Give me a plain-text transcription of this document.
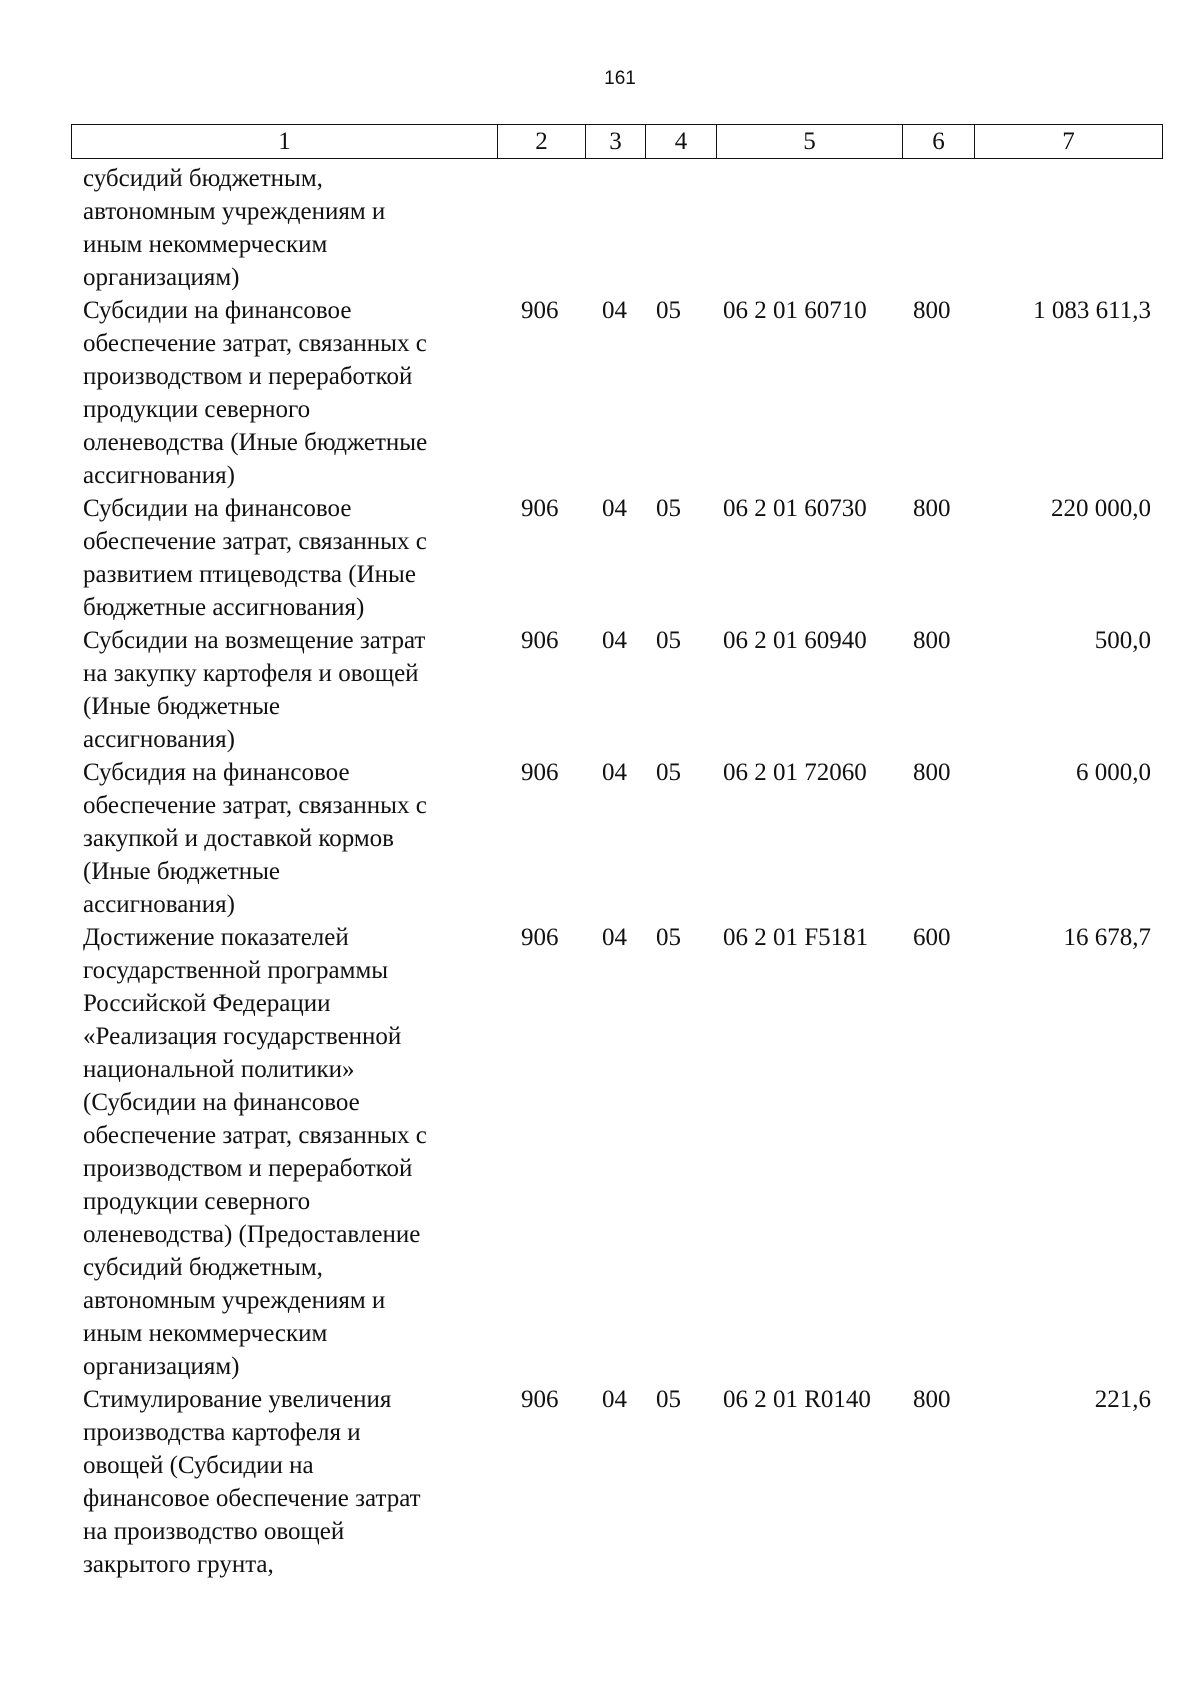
161
1	2	3	4	5	6	7
субсидий бюджетным,
автономным учреждениям и
иным некоммерческим
организациям)
Субсидии на финансовое
обеспечение затрат, связанных с
производством и переработкой
продукции северного
оленеводства (Иные бюджетные
ассигнования)
906	04	05	06 2 01 60710	800	1 083 611,3
Субсидии на финансовое
обеспечение затрат, связанных с
развитием птицеводства (Иные
бюджетные ассигнования)
906	04	05	06 2 01 60730	800	220 000,0
Субсидии на возмещение затрат
на закупку картофеля и овощей
(Иные бюджетные
ассигнования)
906	04	05	06 2 01 60940	800	500,0
Субсидия на финансовое
обеспечение затрат, связанных с
закупкой и доставкой кормов
(Иные бюджетные
ассигнования)
906	04	05	06 2 01 72060	800	6 000,0
Достижение показателей
государственной программы
Российской Федерации
«Реализация государственной
национальной политики»
(Субсидии на финансовое
обеспечение затрат, связанных с
производством и переработкой
продукции северного
оленеводства) (Предоставление
субсидий бюджетным,
автономным учреждениям и
иным некоммерческим
организациям)
906	04	05	06 2 01 F5181	600	16 678,7
Стимулирование увеличения
производства картофеля и
овощей (Субсидии на
финансовое обеспечение затрат
на производство овощей
закрытого грунта,
906	04	05	06 2 01 R0140	800	221,6
